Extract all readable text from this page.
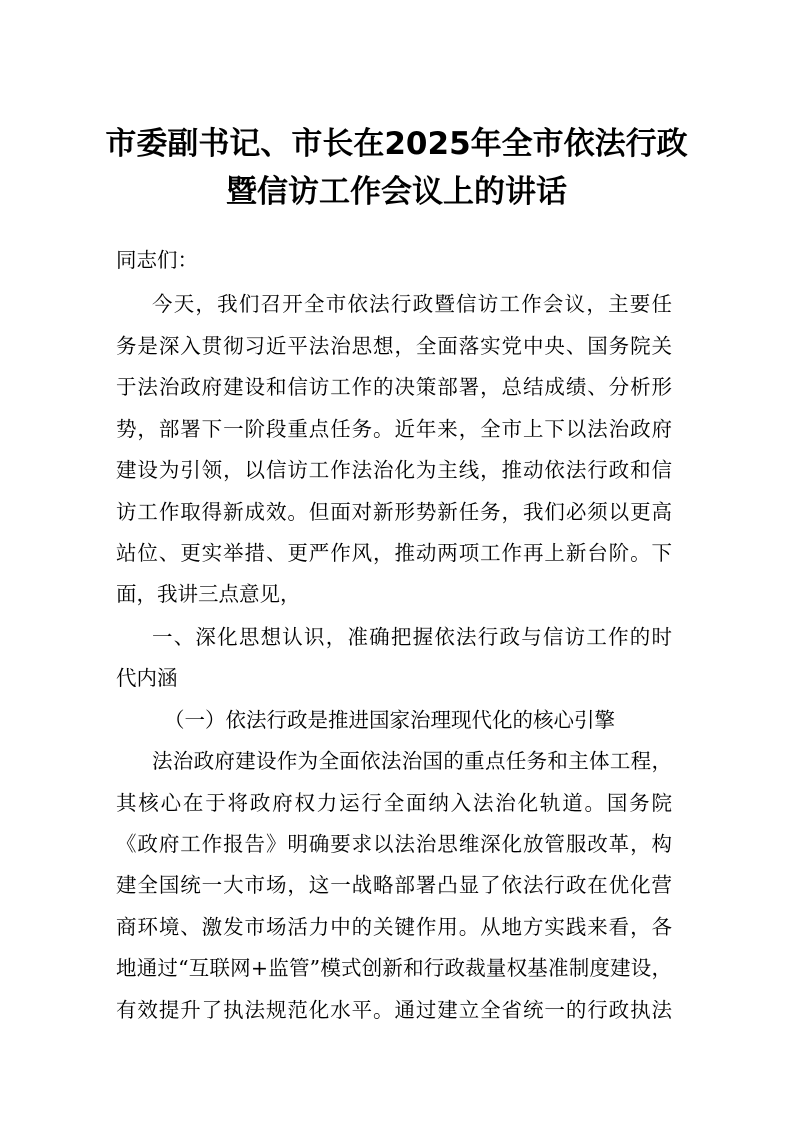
市委副书记、市长在2025年全市依法行政
暨信访工作会议上的讲话
同志们：
今天，我们召开全市依法行政暨信访工作会议，主要任
务是深入贯彻习近平法治思想，全面落实党中央、国务院关
于法治政府建设和信访工作的决策部署，总结成绩、分析形
势，部署下一阶段重点任务。近年来，全市上下以法治政府
建设为引领，以信访工作法治化为主线，推动依法行政和信
访工作取得新成效。但面对新形势新任务，我们必须以更高
站位、更实举措、更严作风，推动两项工作再上新台阶。下
面，我讲三点意见，
一、深化思想认识，准确把握依法行政与信访工作的时
代内涵
（一）依法行政是推进国家治理现代化的核心引擎
法治政府建设作为全面依法治国的重点任务和主体工程，
其核心在于将政府权力运行全面纳入法治化轨道。国务院
《政府工作报告》明确要求以法治思维深化放管服改革，构
建全国统一大市场，这一战略部署凸显了依法行政在优化营
商环境、激发市场活力中的关键作用。从地方实践来看，各
地通过“互联网+监管”模式创新和行政裁量权基准制度建设，
有效提升了执法规范化水平。通过建立全省统一的行政执法
